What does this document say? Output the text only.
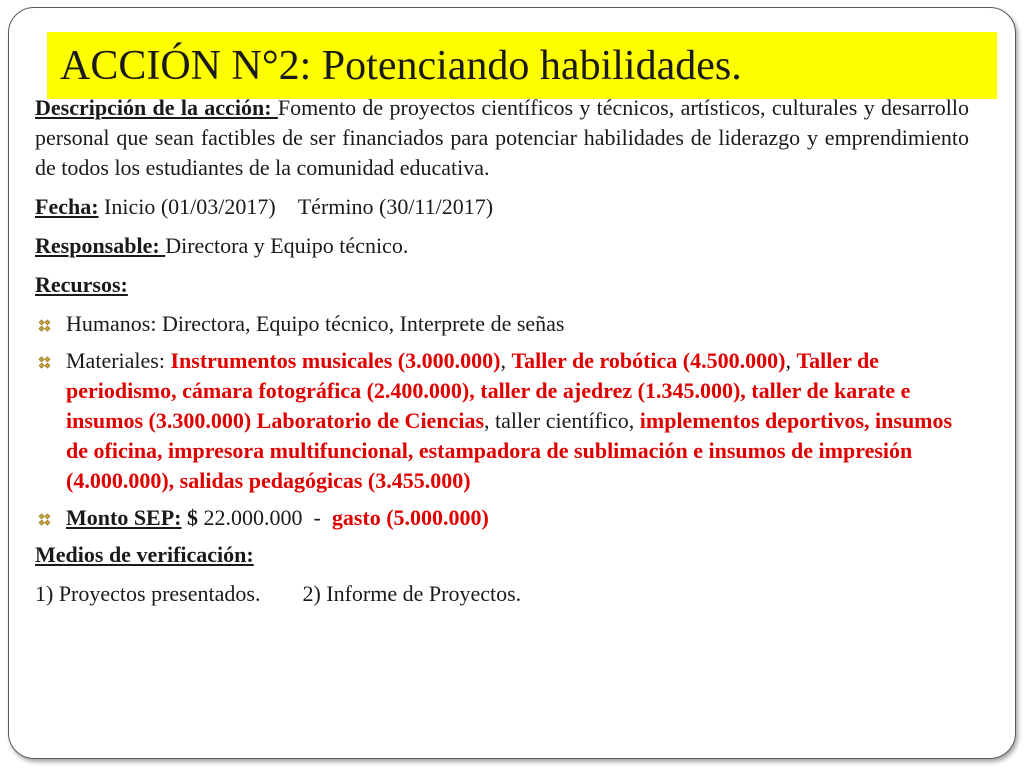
ACCIÓN N°2: Potenciando habilidades.

Descripción de la acción: Fomento de proyectos científicos y técnicos, artísticos, culturales y desarrollo personal que sean factibles de ser financiados para potenciar habilidades de liderazgo y emprendimiento de todos los estudiantes de la comunidad educativa.

Fecha: Inicio (01/03/2017) Término (30/11/2017)

Responsable: Directora y Equipo técnico.

Recursos:

Humanos: Directora, Equipo técnico, Interprete de señas
Materiales: Instrumentos musicales (3.000.000), Taller de robótica (4.500.000), Taller de periodismo, cámara fotográfica (2.400.000), taller de ajedrez (1.345.000), taller de karate e insumos (3.300.000) Laboratorio de Ciencias, taller científico, implementos deportivos, insumos de oficina, impresora multifuncional, estampadora de sublimación e insumos de impresión (4.000.000), salidas pedagógicas (3.455.000)
Monto SEP: $ 22.000.000  -  gasto (5.000.000)

Medios de verificación:

1) Proyectos presentados. 2) Informe de Proyectos.
